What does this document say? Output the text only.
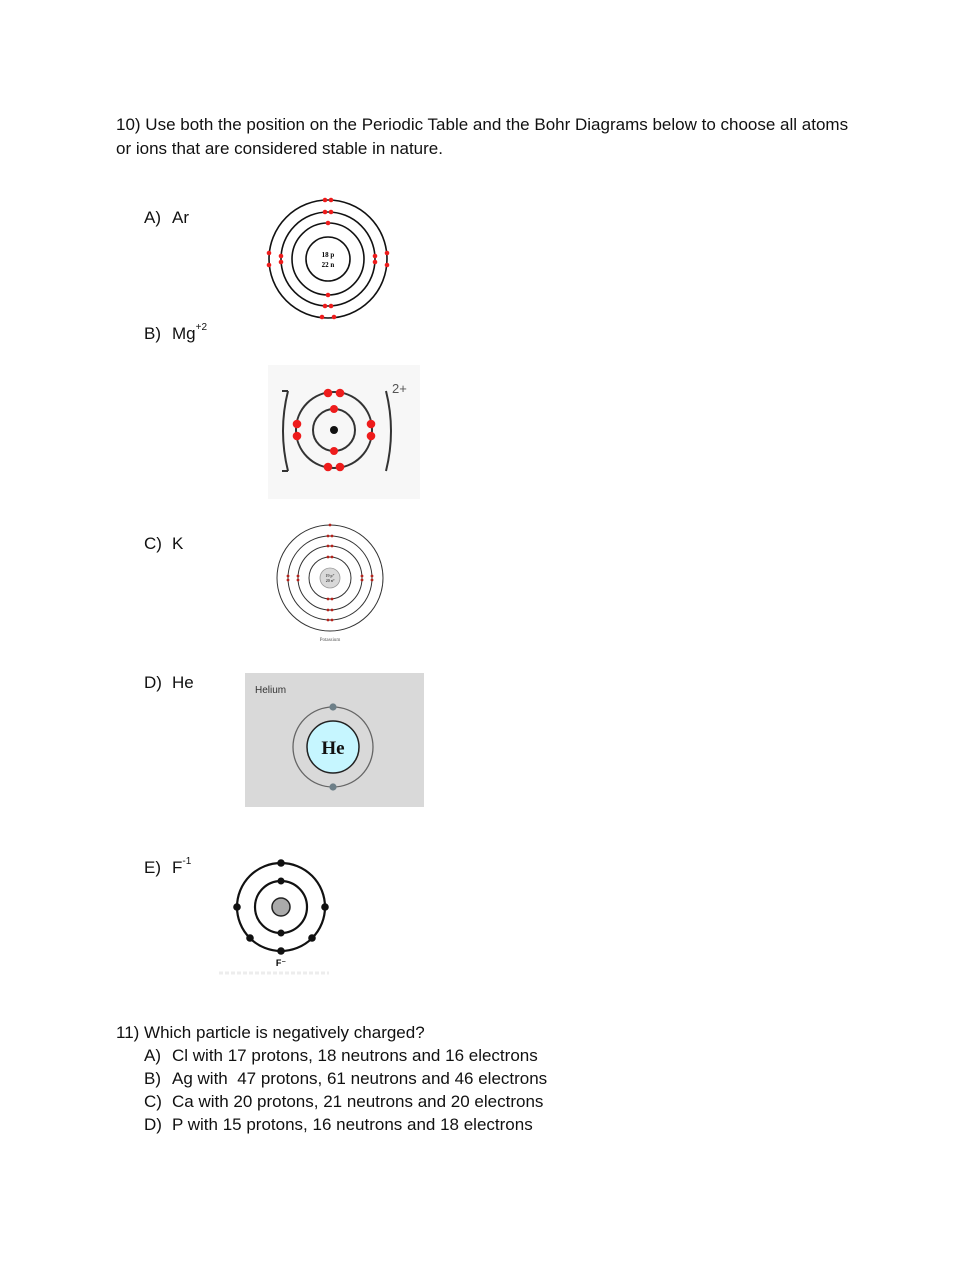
10) Use both the position on the Periodic Table and the Bohr Diagrams below to choose all atoms or ions that are considered stable in nature.

A) Ar
B) $Mg^{+2}$
C) K
D) He
E) $F^{-1}$
18 p
22 n
2+
19 p⁺
20 n⁰
Potassium
Helium
He
F⁻
11) Which particle is negatively charged?
A) Cl with 17 protons, 18 neutrons and 16 electrons
B) Ag with  47 protons, 61 neutrons and 46 electrons
C) Ca with 20 protons, 21 neutrons and 20 electrons
D) P with 15 protons, 16 neutrons and 18 electrons
